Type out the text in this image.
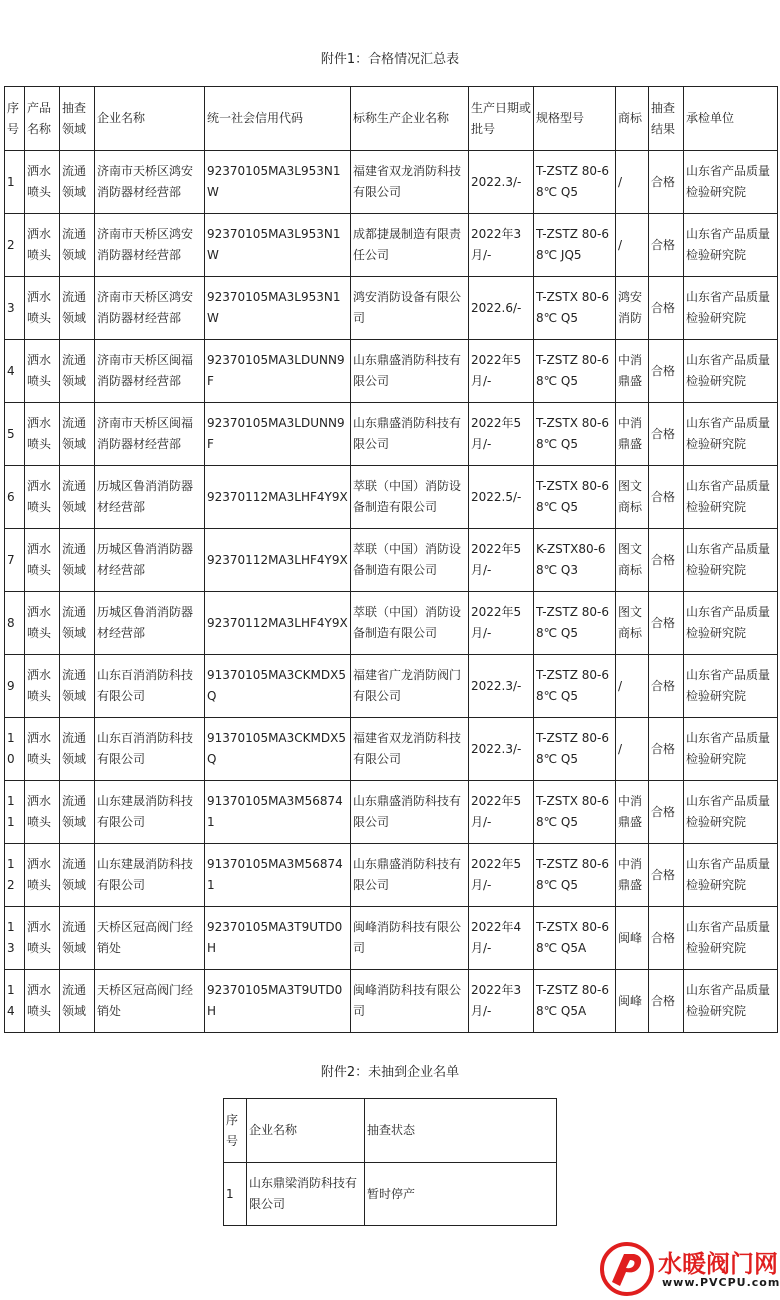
附件1：合格情况汇总表
序号	产品名称	抽查领域	企业名称	统一社会信用代码	标称生产企业名称	生产日期或批号	规格型号	商标	抽查结果	承检单位
1	洒水喷头	流通领域	济南市天桥区鸿安消防器材经营部	92370105MA3L953N1W	福建省双龙消防科技有限公司	2022.3/-	T-ZSTZ 80-68℃ Q5	/	合格	山东省产品质量检验研究院
2	洒水喷头	流通领域	济南市天桥区鸿安消防器材经营部	92370105MA3L953N1W	成都捷晟制造有限责任公司	2022年3月/-	T-ZSTZ 80-68℃ JQ5	/	合格	山东省产品质量检验研究院
3	洒水喷头	流通领域	济南市天桥区鸿安消防器材经营部	92370105MA3L953N1W	鸿安消防设备有限公司	2022.6/-	T-ZSTX 80-68℃ Q5	鸿安消防	合格	山东省产品质量检验研究院
4	洒水喷头	流通领域	济南市天桥区闽福消防器材经营部	92370105MA3LDUNN9F	山东鼎盛消防科技有限公司	2022年5月/-	T-ZSTZ 80-68℃ Q5	中消鼎盛	合格	山东省产品质量检验研究院
5	洒水喷头	流通领域	济南市天桥区闽福消防器材经营部	92370105MA3LDUNN9F	山东鼎盛消防科技有限公司	2022年5月/-	T-ZSTX 80-68℃ Q5	中消鼎盛	合格	山东省产品质量检验研究院
6	洒水喷头	流通领域	历城区鲁消消防器材经营部	92370112MA3LHF4Y9X	萃联（中国）消防设备制造有限公司	2022.5/-	T-ZSTX 80-68℃ Q5	图文商标	合格	山东省产品质量检验研究院
7	洒水喷头	流通领域	历城区鲁消消防器材经营部	92370112MA3LHF4Y9X	萃联（中国）消防设备制造有限公司	2022年5月/-	K-ZSTX80-68℃ Q3	图文商标	合格	山东省产品质量检验研究院
8	洒水喷头	流通领域	历城区鲁消消防器材经营部	92370112MA3LHF4Y9X	萃联（中国）消防设备制造有限公司	2022年5月/-	T-ZSTZ 80-68℃ Q5	图文商标	合格	山东省产品质量检验研究院
9	洒水喷头	流通领域	山东百消消防科技有限公司	91370105MA3CKMDX5Q	福建省广龙消防阀门有限公司	2022.3/-	T-ZSTZ 80-68℃ Q5	/	合格	山东省产品质量检验研究院
10	洒水喷头	流通领域	山东百消消防科技有限公司	91370105MA3CKMDX5Q	福建省双龙消防科技有限公司	2022.3/-	T-ZSTZ 80-68℃ Q5	/	合格	山东省产品质量检验研究院
11	洒水喷头	流通领域	山东建晟消防科技有限公司	91370105MA3M568741	山东鼎盛消防科技有限公司	2022年5月/-	T-ZSTX 80-68℃ Q5	中消鼎盛	合格	山东省产品质量检验研究院
12	洒水喷头	流通领域	山东建晟消防科技有限公司	91370105MA3M568741	山东鼎盛消防科技有限公司	2022年5月/-	T-ZSTZ 80-68℃ Q5	中消鼎盛	合格	山东省产品质量检验研究院
13	洒水喷头	流通领域	天桥区冠高阀门经销处	92370105MA3T9UTD0H	闽峰消防科技有限公司	2022年4月/-	T-ZSTX 80-68℃ Q5A	闽峰	合格	山东省产品质量检验研究院
14	洒水喷头	流通领域	天桥区冠高阀门经销处	92370105MA3T9UTD0H	闽峰消防科技有限公司	2022年3月/-	T-ZSTZ 80-68℃ Q5A	闽峰	合格	山东省产品质量检验研究院
附件2：未抽到企业名单
序号	企业名称	抽查状态
1	山东鼎梁消防科技有限公司	暂时停产
水暖阀门网
www.PVCPU.com
